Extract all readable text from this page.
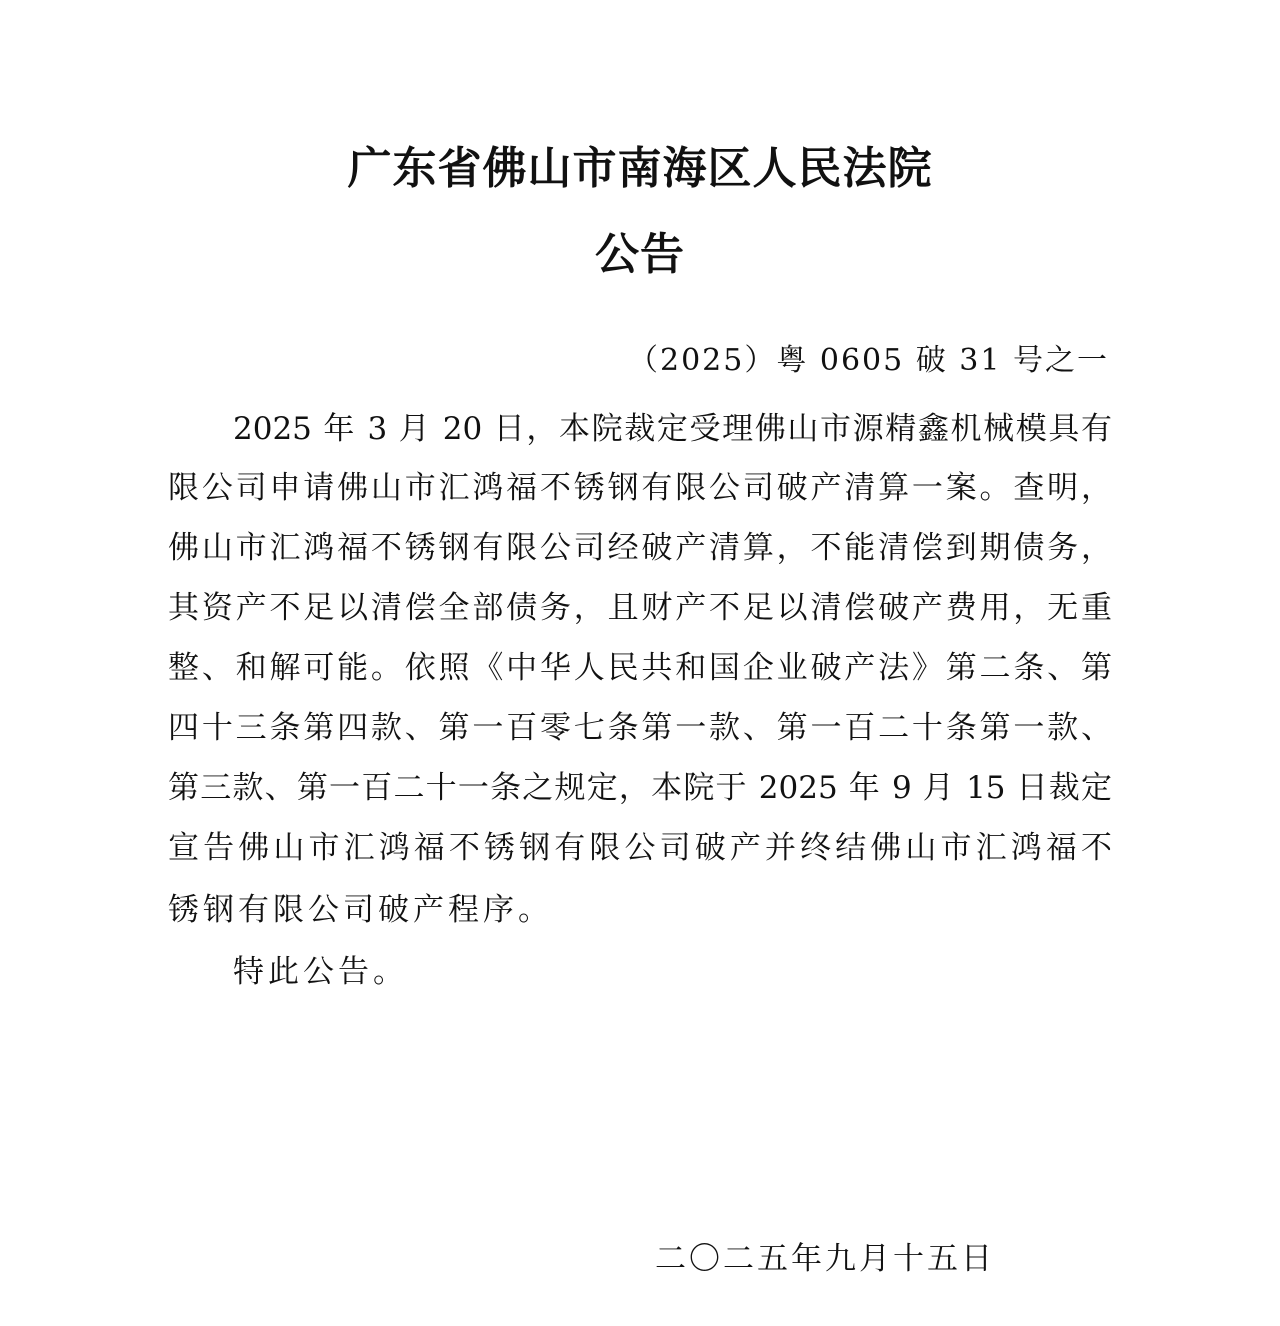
广东省佛山市南海区人民法院
公告
（2025）粤 0605 破 31 号之一
2025 年 3 月 20 日，本院裁定受理佛山市源精鑫机械模具有
限公司申请佛山市汇鸿福不锈钢有限公司破产清算一案。查明，
佛山市汇鸿福不锈钢有限公司经破产清算，不能清偿到期债务，
其资产不足以清偿全部债务，且财产不足以清偿破产费用，无重
整、和解可能。依照《中华人民共和国企业破产法》第二条、第
四十三条第四款、第一百零七条第一款、第一百二十条第一款、
第三款、第一百二十一条之规定，本院于 2025 年 9 月 15 日裁定
宣告佛山市汇鸿福不锈钢有限公司破产并终结佛山市汇鸿福不
锈钢有限公司破产程序。
特此公告。
二〇二五年九月十五日
